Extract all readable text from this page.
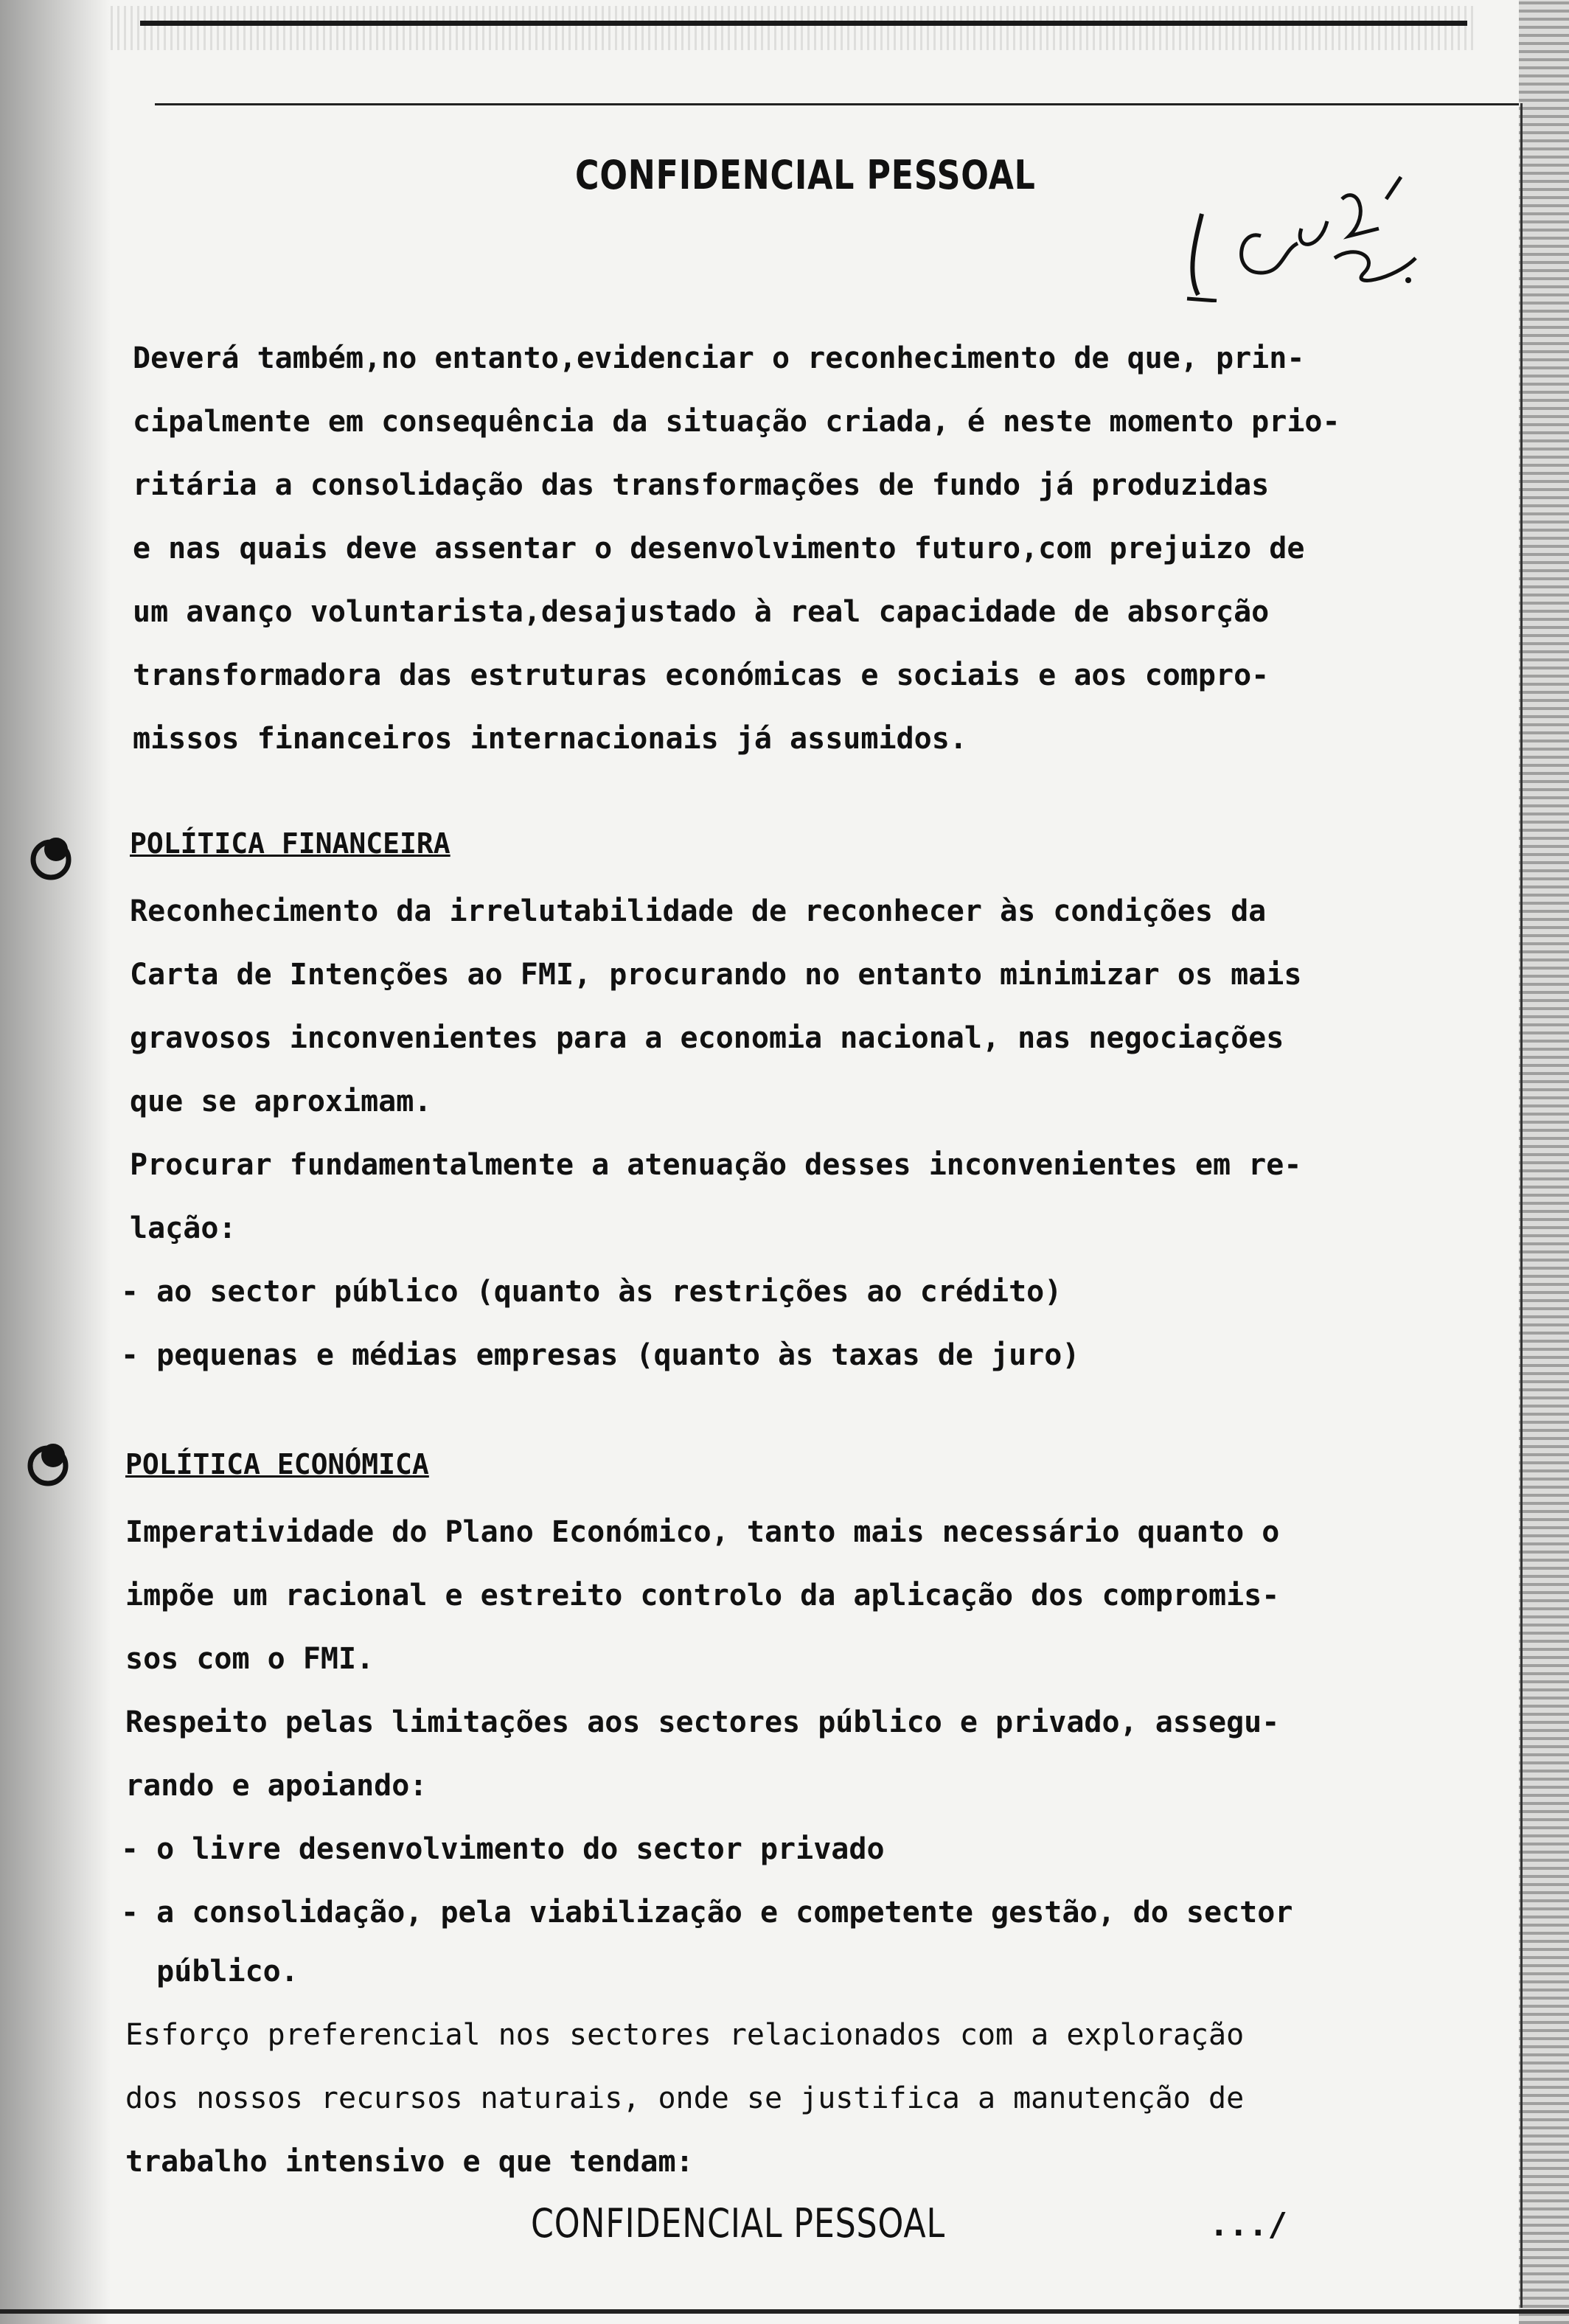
CONFIDENCIAL PESSOAL
Deverá também,no entanto,evidenciar o reconhecimento de que, prin-
cipalmente em consequência da situação criada, é neste momento prio-
ritária a consolidação das transformações de fundo já produzidas
e nas quais deve assentar o desenvolvimento futuro,com prejuizo de
um avanço voluntarista,desajustado à real capacidade de absorção
transformadora das estruturas económicas e sociais e aos compro-
missos financeiros internacionais já assumidos.
POLÍTICA FINANCEIRA
Reconhecimento da irrelutabilidade de reconhecer às condições da
Carta de Intenções ao FMI, procurando no entanto minimizar os mais
gravosos inconvenientes para a economia nacional, nas negociações
que se aproximam.
Procurar fundamentalmente a atenuação desses inconvenientes em re-
lação:
- ao sector público (quanto às restrições ao crédito)
- pequenas e médias empresas (quanto às taxas de juro)
POLÍTICA ECONÓMICA
Imperatividade do Plano Económico, tanto mais necessário quanto o
impõe um racional e estreito controlo da aplicação dos compromis-
sos com o FMI.
Respeito pelas limitações aos sectores público e privado, assegu-
rando e apoiando:
- o livre desenvolvimento do sector privado
- a consolidação, pela viabilização e competente gestão, do sector
público.
Esforço preferencial nos sectores relacionados com a exploração
dos nossos recursos naturais, onde se justifica a manutenção de
trabalho intensivo e que tendam:
CONFIDENCIAL PESSOAL	.../
